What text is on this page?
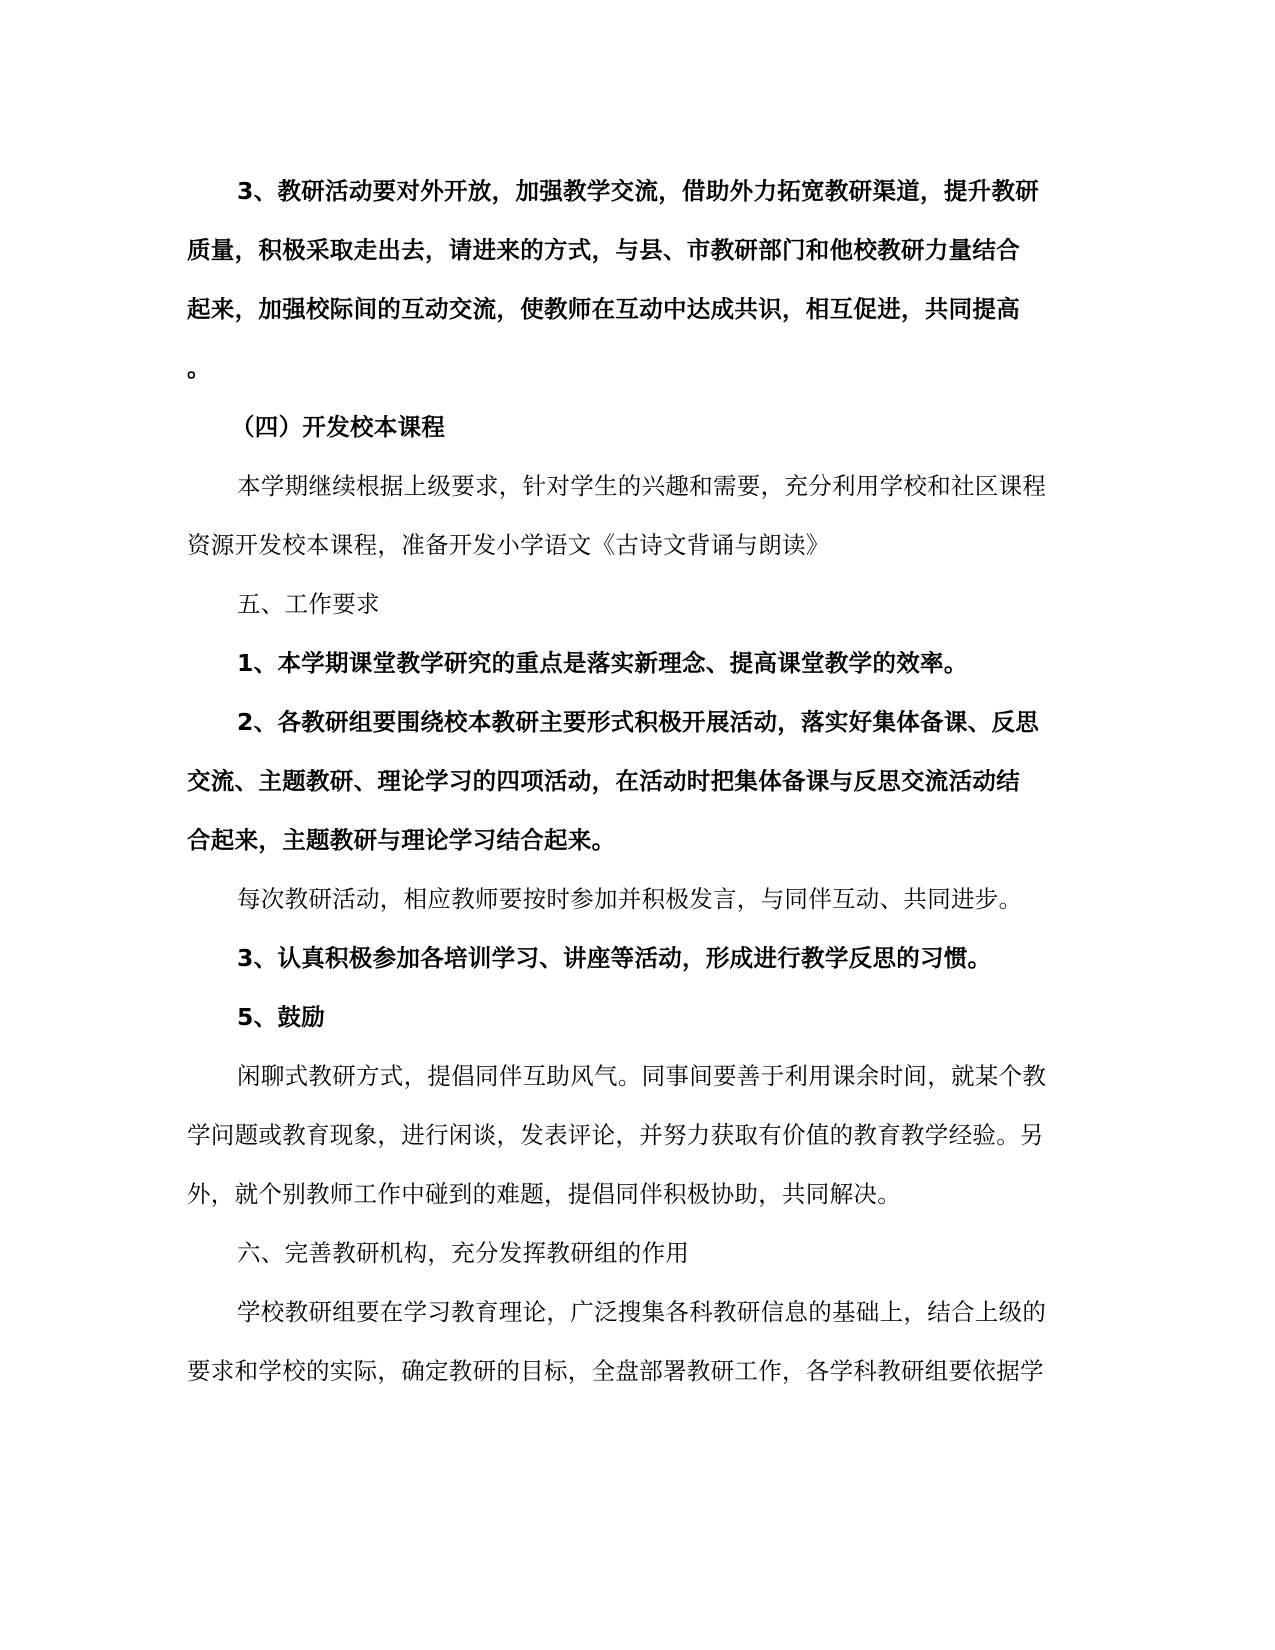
3、教研活动要对外开放，加强教学交流，借助外力拓宽教研渠道，提升教研
质量，积极采取走出去，请进来的方式，与县、市教研部门和他校教研力量结合
起来，加强校际间的互动交流，使教师在互动中达成共识，相互促进，共同提高
。
（四）开发校本课程
本学期继续根据上级要求，针对学生的兴趣和需要，充分利用学校和社区课程
资源开发校本课程，准备开发小学语文《古诗文背诵与朗读》
五、工作要求
1、本学期课堂教学研究的重点是落实新理念、提高课堂教学的效率。
2、各教研组要围绕校本教研主要形式积极开展活动，落实好集体备课、反思
交流、主题教研、理论学习的四项活动，在活动时把集体备课与反思交流活动结
合起来，主题教研与理论学习结合起来。
每次教研活动，相应教师要按时参加并积极发言，与同伴互动、共同进步。
3、认真积极参加各培训学习、讲座等活动，形成进行教学反思的习惯。
5、鼓励
闲聊式教研方式，提倡同伴互助风气。同事间要善于利用课余时间，就某个教
学问题或教育现象，进行闲谈，发表评论，并努力获取有价值的教育教学经验。另
外，就个别教师工作中碰到的难题，提倡同伴积极协助，共同解决。
六、完善教研机构，充分发挥教研组的作用
学校教研组要在学习教育理论，广泛搜集各科教研信息的基础上，结合上级的
要求和学校的实际，确定教研的目标，全盘部署教研工作，各学科教研组要依据学
